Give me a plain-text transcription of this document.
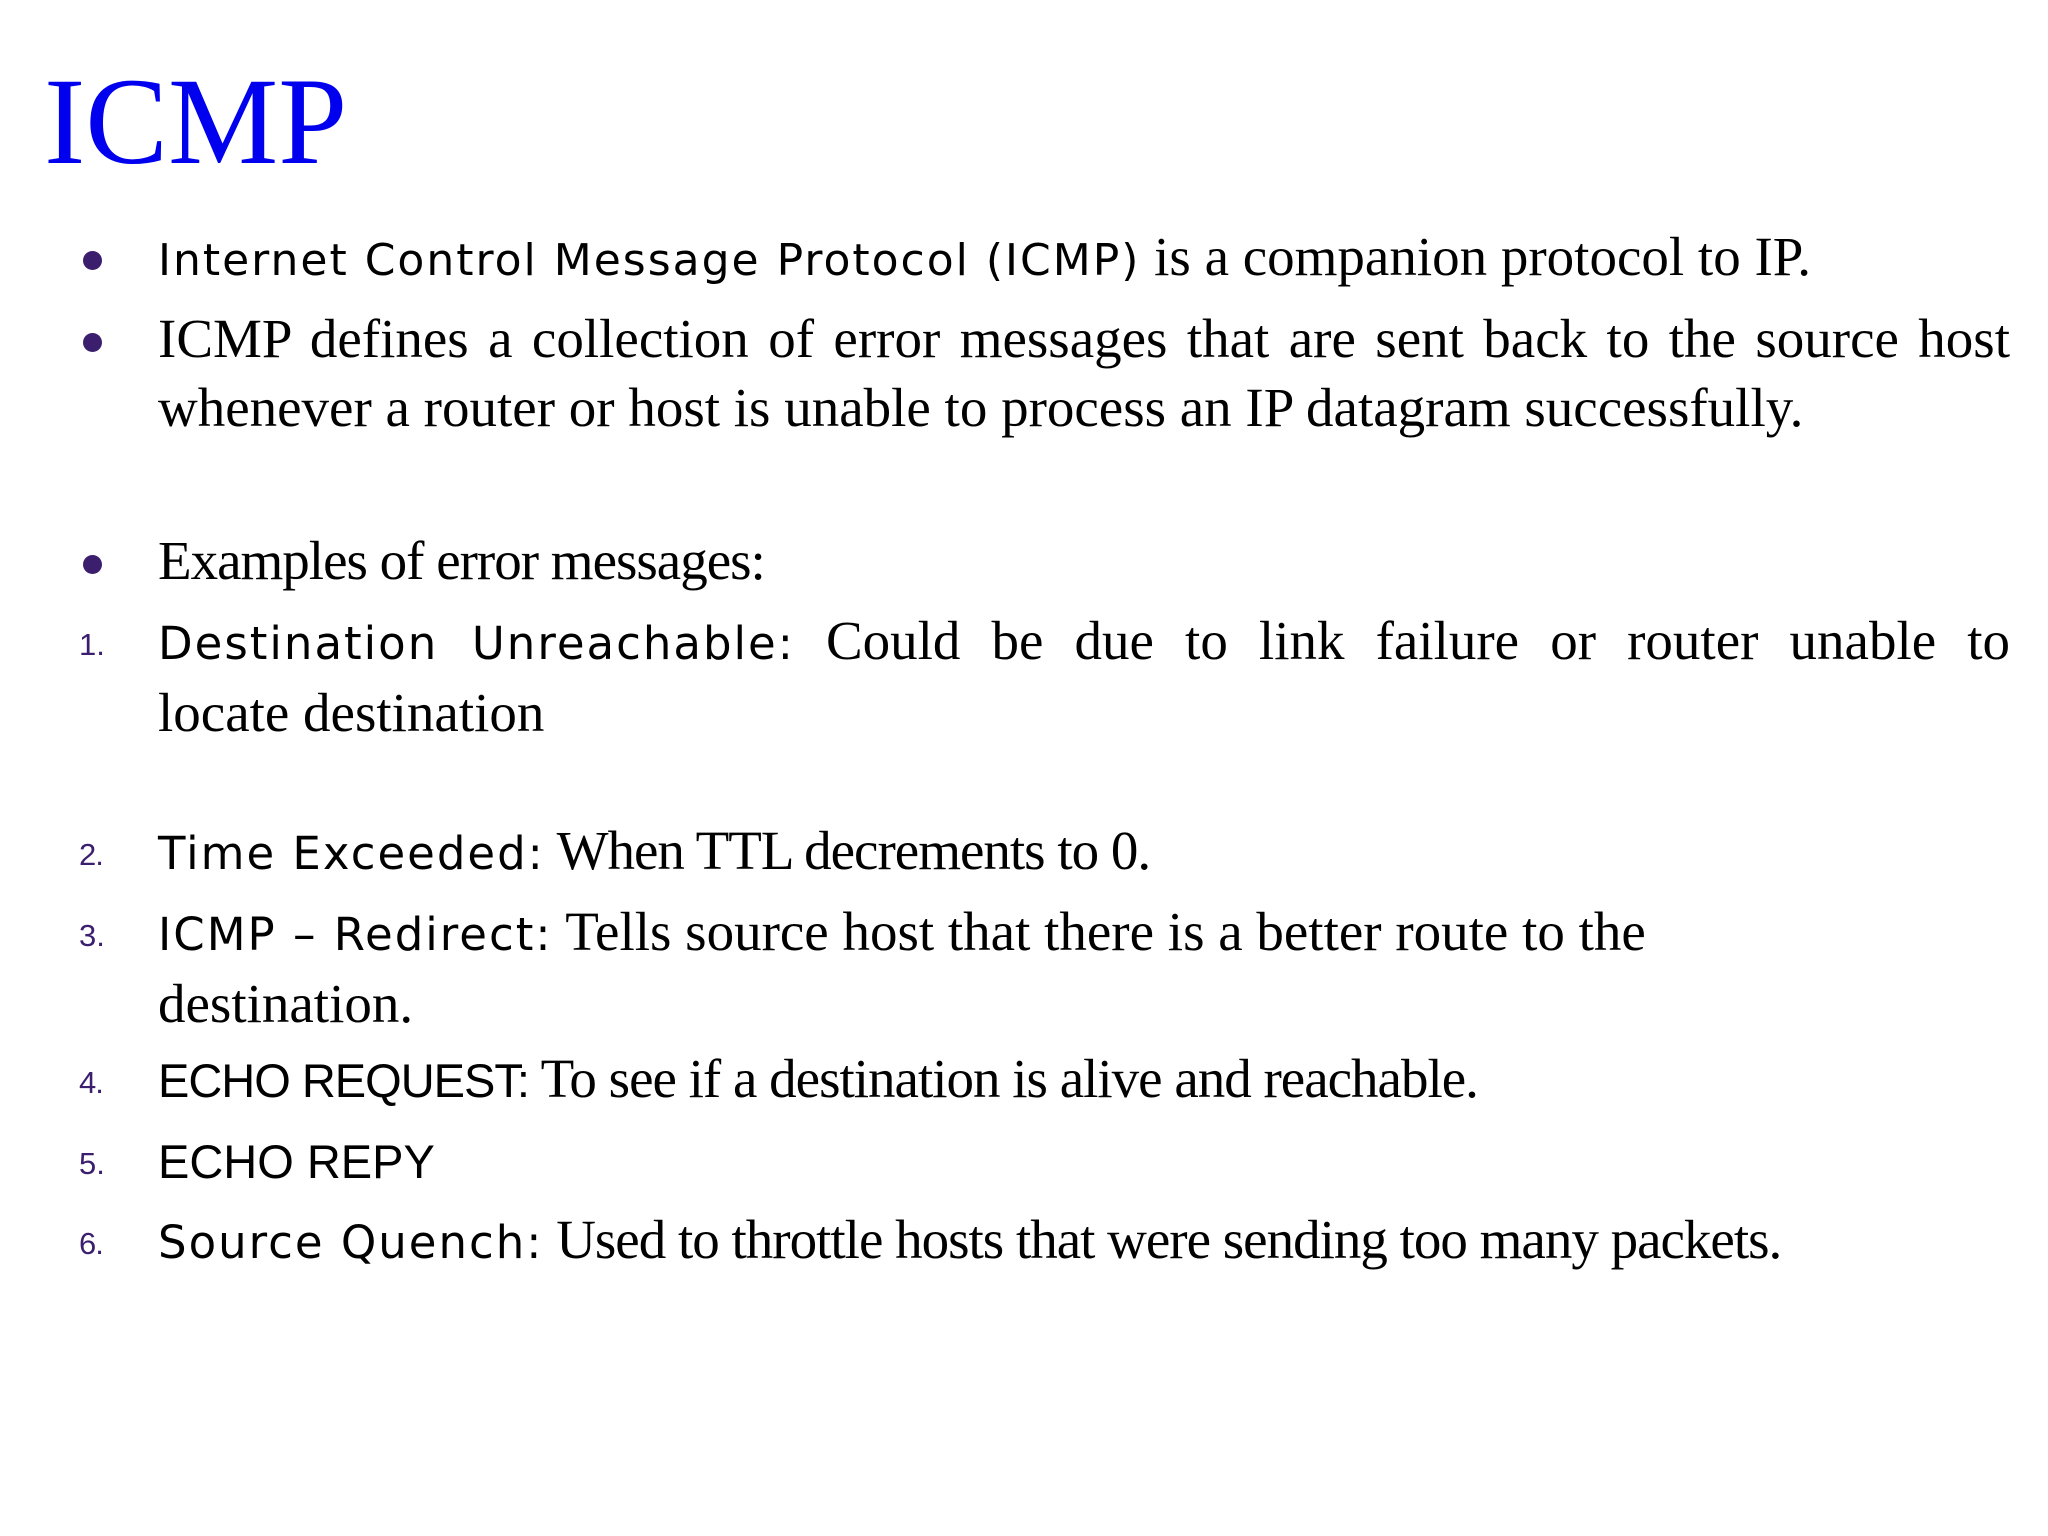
ICMP
Internet Control Message Protocol (ICMP) is a companion protocol to IP.
ICMP defines a collection of error messages that are sent back to the source host whenever a router or host is unable to process an IP datagram successfully.
Examples of error messages:
1. Destination Unreachable: Could be due to link failure or router unable to
locate destination
2. Time Exceeded: When TTL decrements to 0.
3. ICMP – Redirect: Tells source host that there is a better route to the destination.
4. ECHO REQUEST: To see if a destination is alive and reachable.
5. ECHO REPY
6. Source Quench: Used to throttle hosts that were sending too many packets.
